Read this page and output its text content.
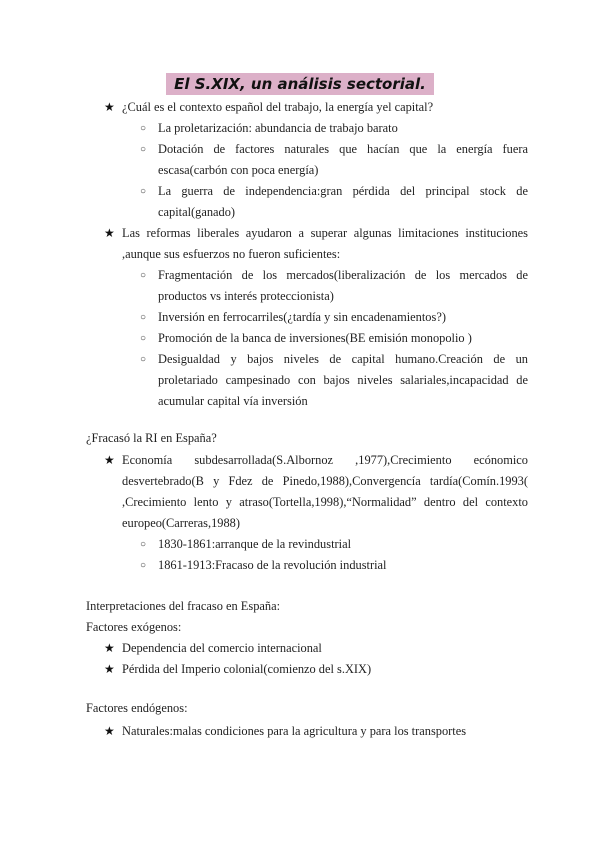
El S.XIX, un análisis sectorial.
★ ¿Cuál es el contexto español del trabajo, la energía yel capital?
○ La proletarización: abundancia de trabajo barato
○ Dotación de factores naturales que hacían que la energía fuera escasa(carbón con poca energía)
○ La guerra de independencia:gran pérdida del principal stock de capital(ganado)
★ Las reformas liberales ayudaron a superar algunas limitaciones instituciones ,aunque sus esfuerzos no fueron suficientes:
○ Fragmentación de los mercados(liberalización de los mercados de productos vs interés proteccionista)
○ Inversión en ferrocarriles(¿tardía y sin encadenamientos?)
○ Promoción de la banca de inversiones(BE emisión monopolio )
○ Desigualdad y bajos niveles de capital humano.Creación de un proletariado campesinado con bajos niveles salariales,incapacidad de acumular capital vía inversión
¿Fracasó la RI en España?
★ Economía subdesarrollada(S.Albornoz ,1977),Crecimiento ecónomico desvertebrado(B y Fdez de Pinedo,1988),Convergencía tardía(Comín.1993( ,Crecimiento lento y atraso(Tortella,1998),“Normalidad” dentro del contexto europeo(Carreras,1988)
○ 1830-1861:arranque de la revindustrial
○ 1861-1913:Fracaso de la revolución industrial
Interpretaciones del fracaso en España:
Factores exógenos:
★ Dependencia del comercio internacional
★ Pérdida del Imperio colonial(comienzo del s.XIX)
Factores endógenos:
★ Naturales:malas condiciones para la agricultura y para los transportes
